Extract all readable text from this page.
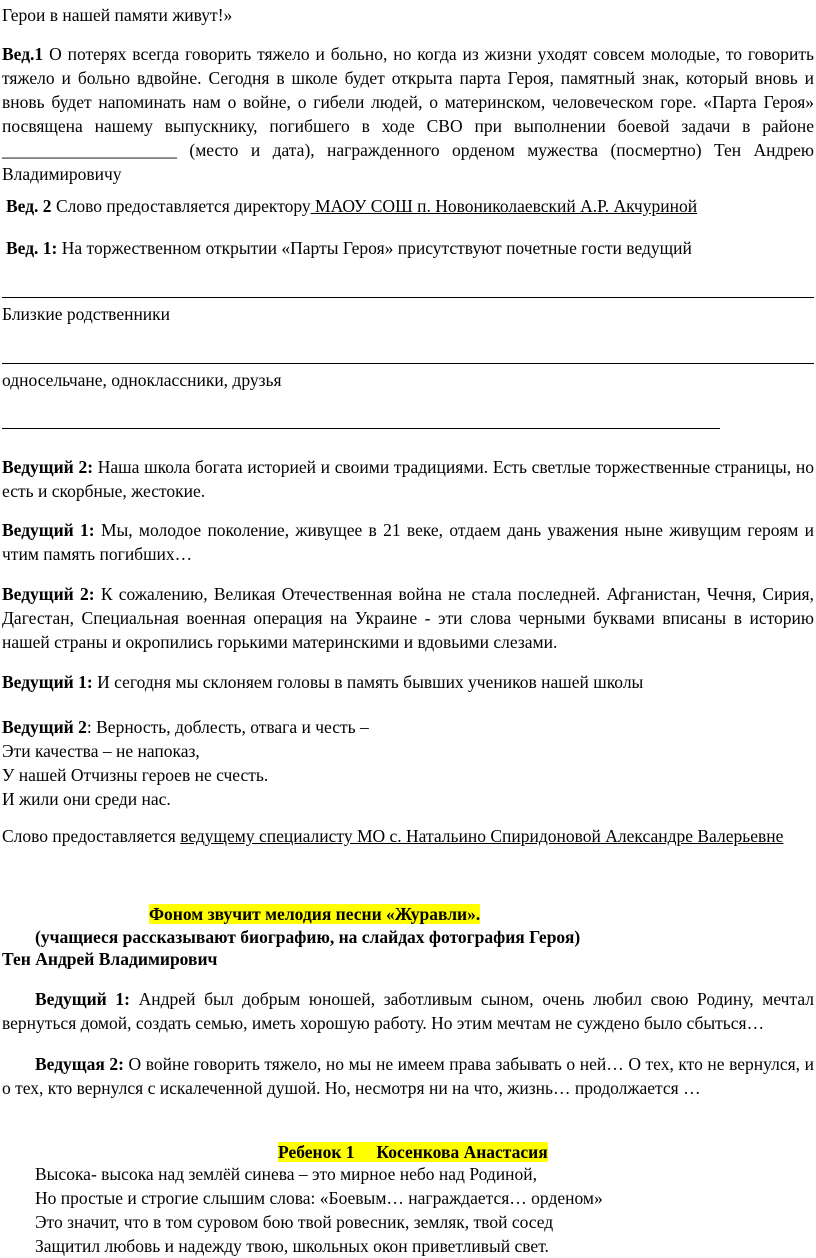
Герои в нашей памяти живут!»

Вед.1 О потерях всегда говорить тяжело и больно, но когда из жизни уходят совсем молодые, то говорить тяжело и больно вдвойне. Сегодня в школе будет открыта парта Героя, памятный знак, который вновь и вновь будет напоминать нам о войне, о гибели людей, о материнском, человеческом горе. «Парта Героя» посвящена нашему выпускнику, погибшего в ходе СВО при выполнении боевой задачи в районе ____________________ (место и дата), награжденного орденом мужества (посмертно) Тен Андрею Владимировичу

Вед. 2 Слово предоставляется директору МАОУ СОШ п. Новониколаевский А.Р. Акчуриной

Вед. 1: На торжественном открытии «Парты Героя» присутствуют почетные гости ведущий

Близкие родственники

односельчане, одноклассники, друзья

Ведущий 2: Наша школа богата историей и своими традициями. Есть светлые торжественные страницы, но есть и скорбные, жестокие.

Ведущий 1: Мы, молодое поколение, живущее в 21 веке, отдаем дань уважения ныне живущим героям и чтим память погибших…

Ведущий 2: К сожалению, Великая Отечественная война не стала последней. Афганистан, Чечня, Сирия, Дагестан, Специальная военная операция на Украине - эти слова черными буквами вписаны в историю нашей страны и окропились горькими материнскими и вдовьими слезами.

Ведущий 1: И сегодня мы склоняем головы в память бывших учеников нашей школы

Ведущий 2: Верность, доблесть, отвага и честь –

Эти качества – не напоказ,

У нашей Отчизны героев не счесть.

И жили они среди нас.

Слово предоставляется ведущему специалисту МО с. Натальино Спиридоновой Александре Валерьевне

Фоном звучит мелодия песни «Журавли».

(учащиеся рассказывают биографию, на слайдах фотография Героя)

Тен Андрей Владимирович

Ведущий 1: Андрей был добрым юношей, заботливым сыном, очень любил свою Родину, мечтал вернуться домой, создать семью, иметь хорошую работу. Но этим мечтам не суждено было сбыться…

Ведущая 2: О войне говорить тяжело, но мы не имеем права забывать о ней… О тех, кто не вернулся, и о тех, кто вернулся с искалеченной душой. Но, несмотря ни на что, жизнь… продолжается …

Ребенок 1     Косенкова Анастасия

Высока- высока над землёй синева – это мирное небо над Родиной,

Но простые и строгие слышим слова: «Боевым… награждается… орденом»

Это значит, что в том суровом бою твой ровесник, земляк, твой сосед

Защитил любовь и надежду твою, школьных окон приветливый свет.
